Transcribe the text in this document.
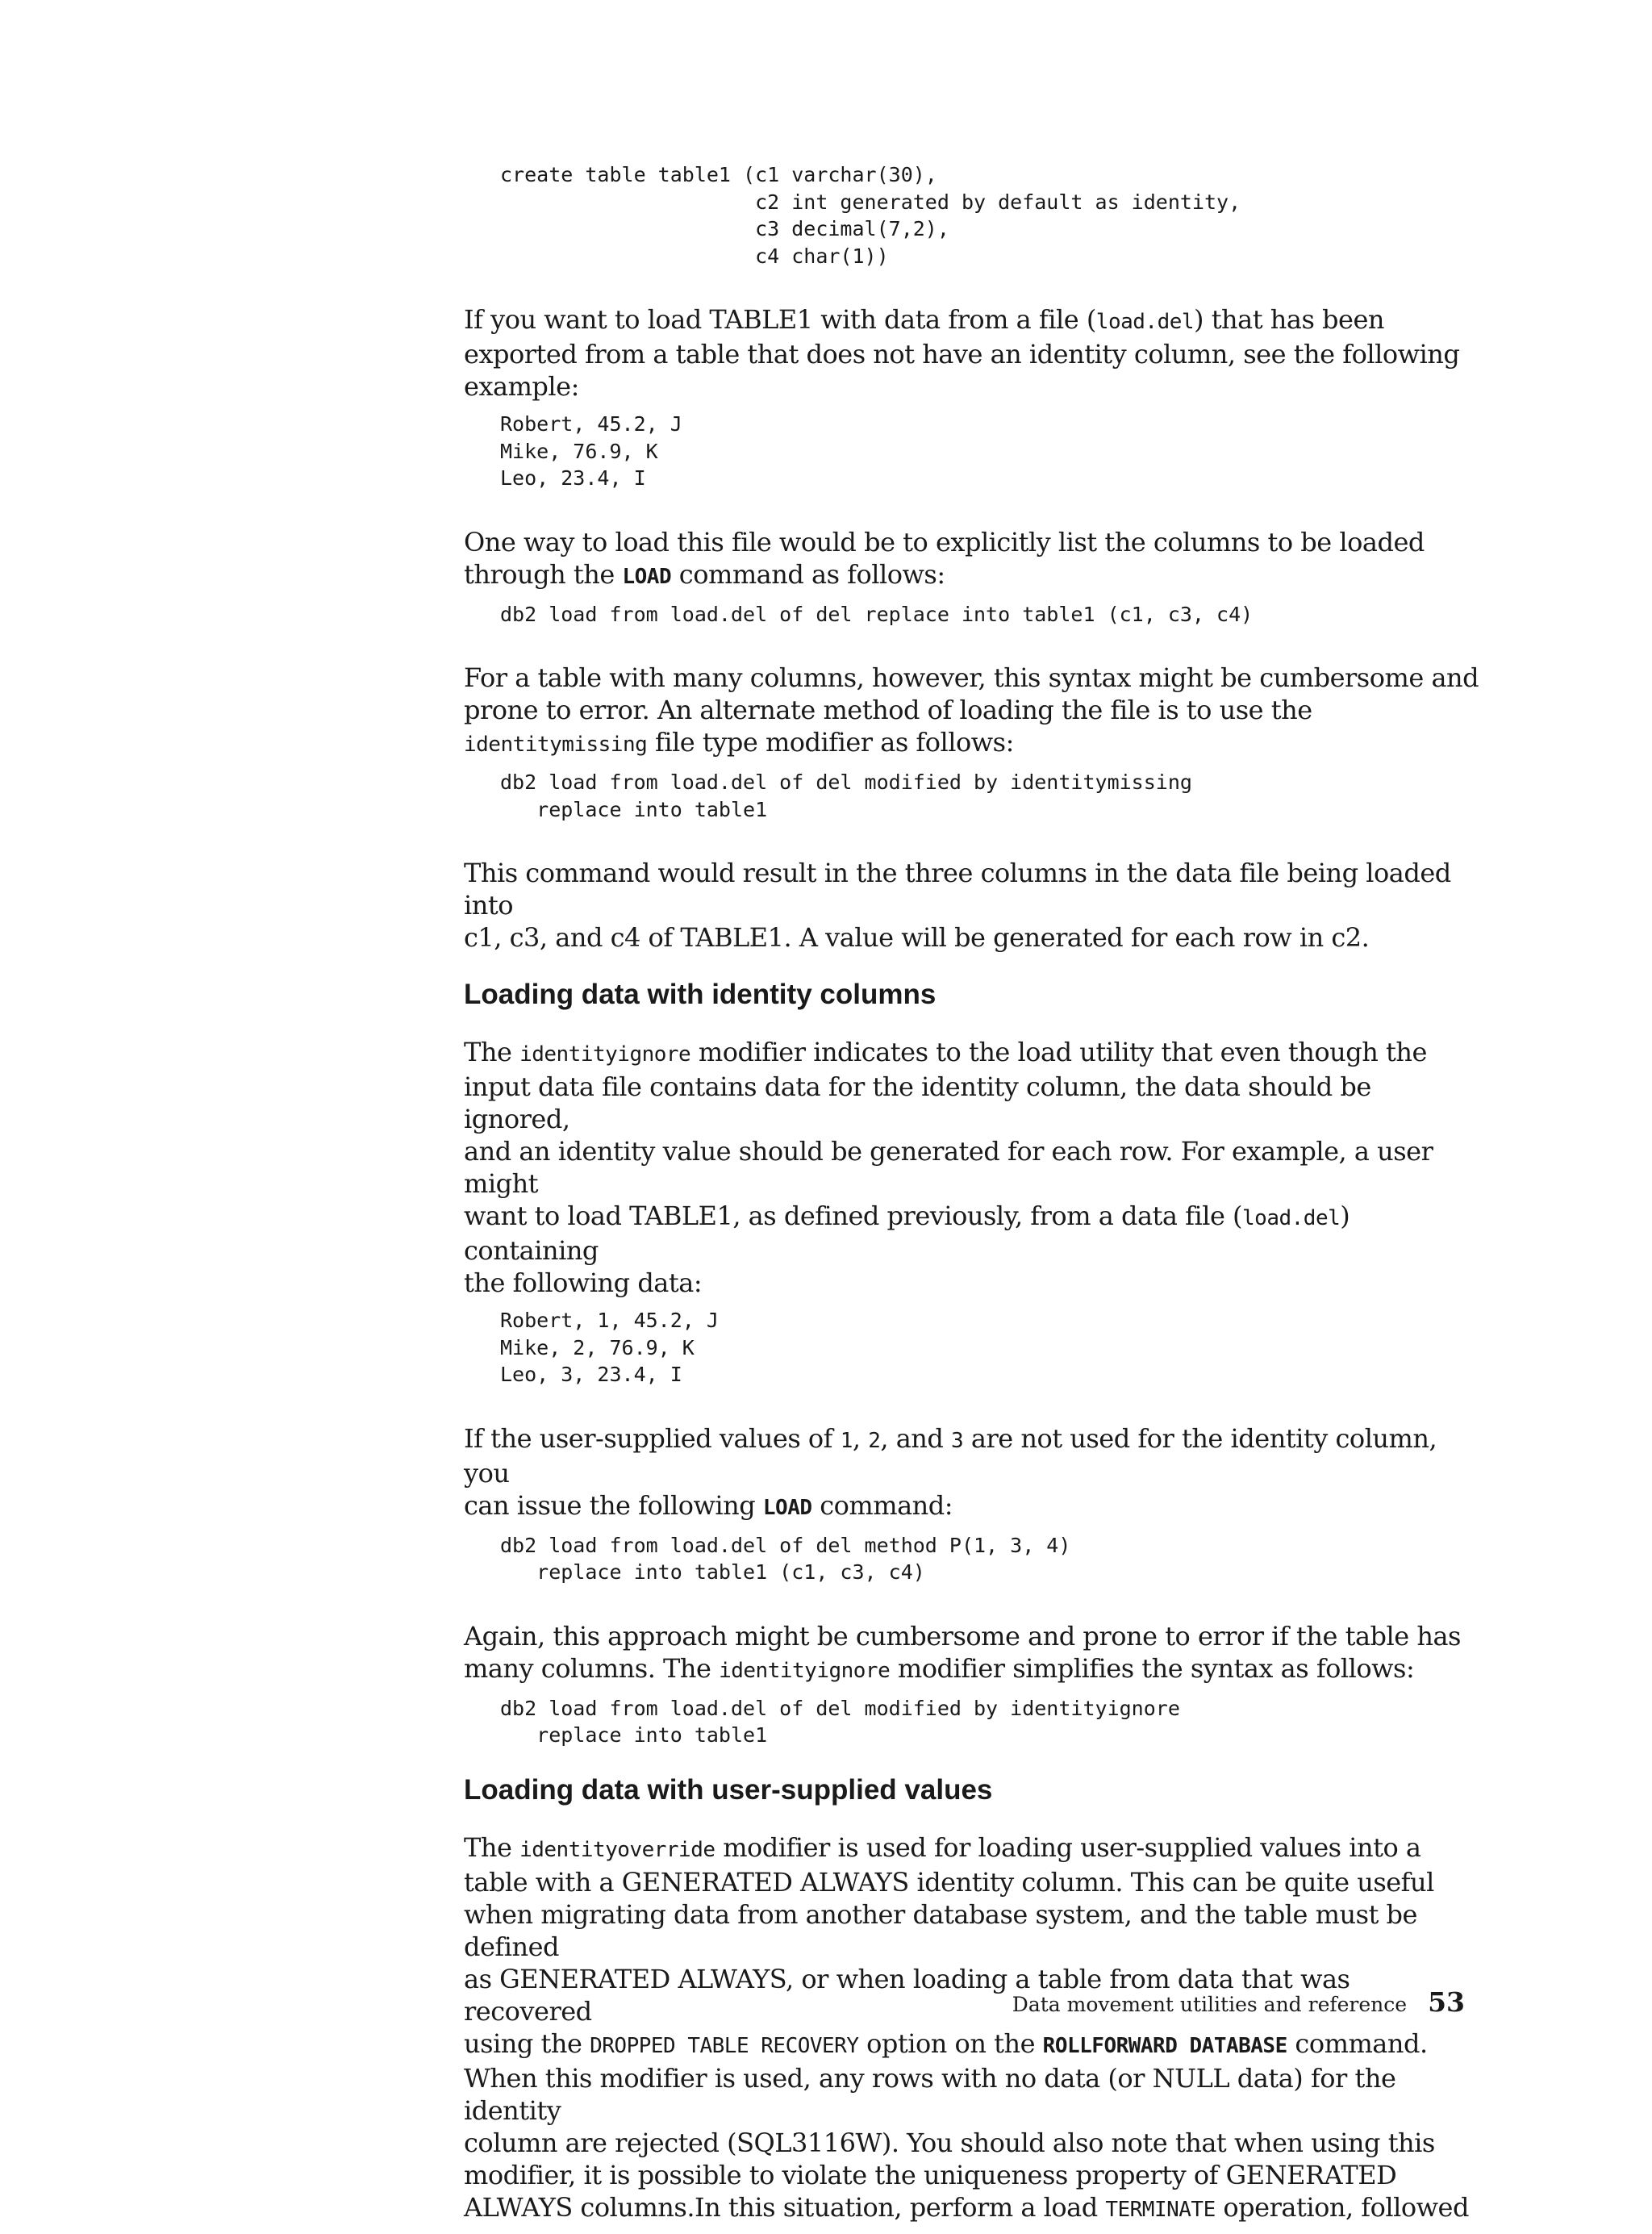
create table table1 (c1 varchar(30),
c2 int generated by default as identity,
c3 decimal(7,2),
c4 char(1))

If you want to load TABLE1 with data from a file (load.del) that has been
exported from a table that does not have an identity column, see the following
example:

Robert, 45.2, J
Mike, 76.9, K
Leo, 23.4, I

One way to load this file would be to explicitly list the columns to be loaded
through the LOAD command as follows:

db2 load from load.del of del replace into table1 (c1, c3, c4)

For a table with many columns, however, this syntax might be cumbersome and
prone to error. An alternate method of loading the file is to use the
identitymissing file type modifier as follows:

db2 load from load.del of del modified by identitymissing
replace into table1

This command would result in the three columns in the data file being loaded into
c1, c3, and c4 of TABLE1. A value will be generated for each row in c2.

Loading data with identity columns

The identityignore modifier indicates to the load utility that even though the
input data file contains data for the identity column, the data should be ignored,
and an identity value should be generated for each row. For example, a user might
want to load TABLE1, as defined previously, from a data file (load.del) containing
the following data:

Robert, 1, 45.2, J
Mike, 2, 76.9, K
Leo, 3, 23.4, I

If the user-supplied values of 1, 2, and 3 are not used for the identity column, you
can issue the following LOAD command:

db2 load from load.del of del method P(1, 3, 4)
replace into table1 (c1, c3, c4)

Again, this approach might be cumbersome and prone to error if the table has
many columns. The identityignore modifier simplifies the syntax as follows:

db2 load from load.del of del modified by identityignore
replace into table1
Loading data with user-supplied values

The identityoverride modifier is used for loading user-supplied values into a
table with a GENERATED ALWAYS identity column. This can be quite useful
when migrating data from another database system, and the table must be defined
as GENERATED ALWAYS, or when loading a table from data that was recovered
using the DROPPED TABLE RECOVERY option on the ROLLFORWARD DATABASE command.
When this modifier is used, any rows with no data (or NULL data) for the identity
column are rejected (SQL3116W). You should also note that when using this
modifier, it is possible to violate the uniqueness property of GENERATED
ALWAYS columns.In this situation, perform a load TERMINATE operation, followed

Data movement utilities and reference 53
